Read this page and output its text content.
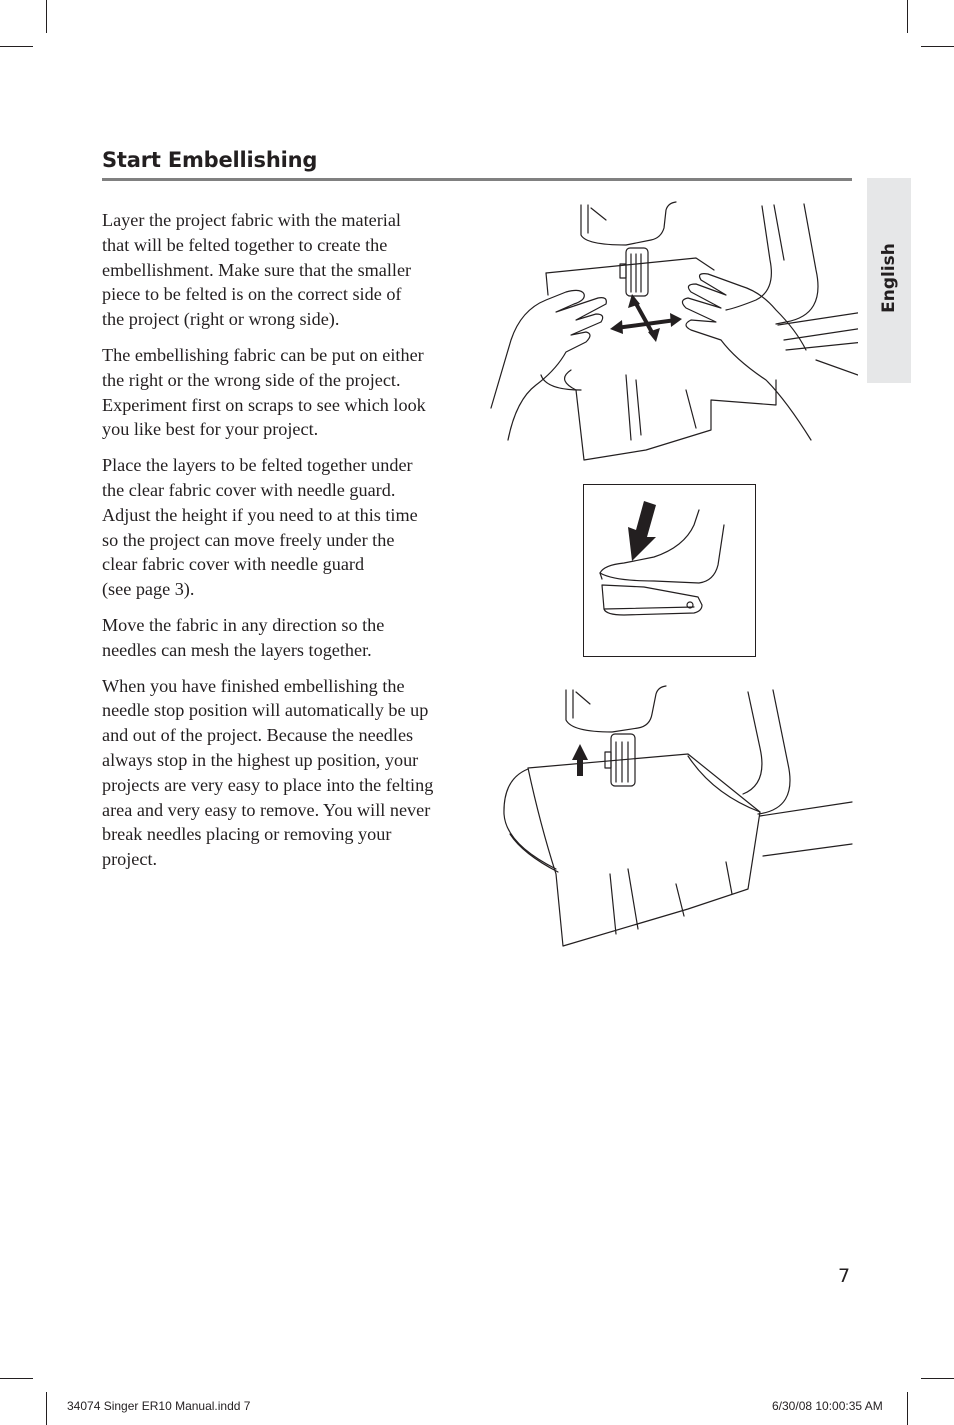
Start Embellishing
English

Layer the project fabric with the material
that will be felted together to create the
embellishment. Make sure that the smaller
piece to be felted is on the correct side of
the project (right or wrong side).

The embellishing fabric can be put on either
the right or the wrong side of the project.
Experiment first on scraps to see which look
you like best for your project.

Place the layers to be felted together under
the clear fabric cover with needle guard.
Adjust the height if you need to at this time
so the project can move freely under the
clear fabric cover with needle guard
(see page 3).

Move the fabric in any direction so the
needles can mesh the layers together.

When you have finished embellishing the
needle stop position will automatically be up
and out of the project. Because the needles
always stop in the highest up position, your
projects are very easy to place into the felting
area and very easy to remove. You will never
break needles placing or removing your
project.

7
34074 Singer ER10 Manual.indd 7	6/30/08 10:00:35 AM
